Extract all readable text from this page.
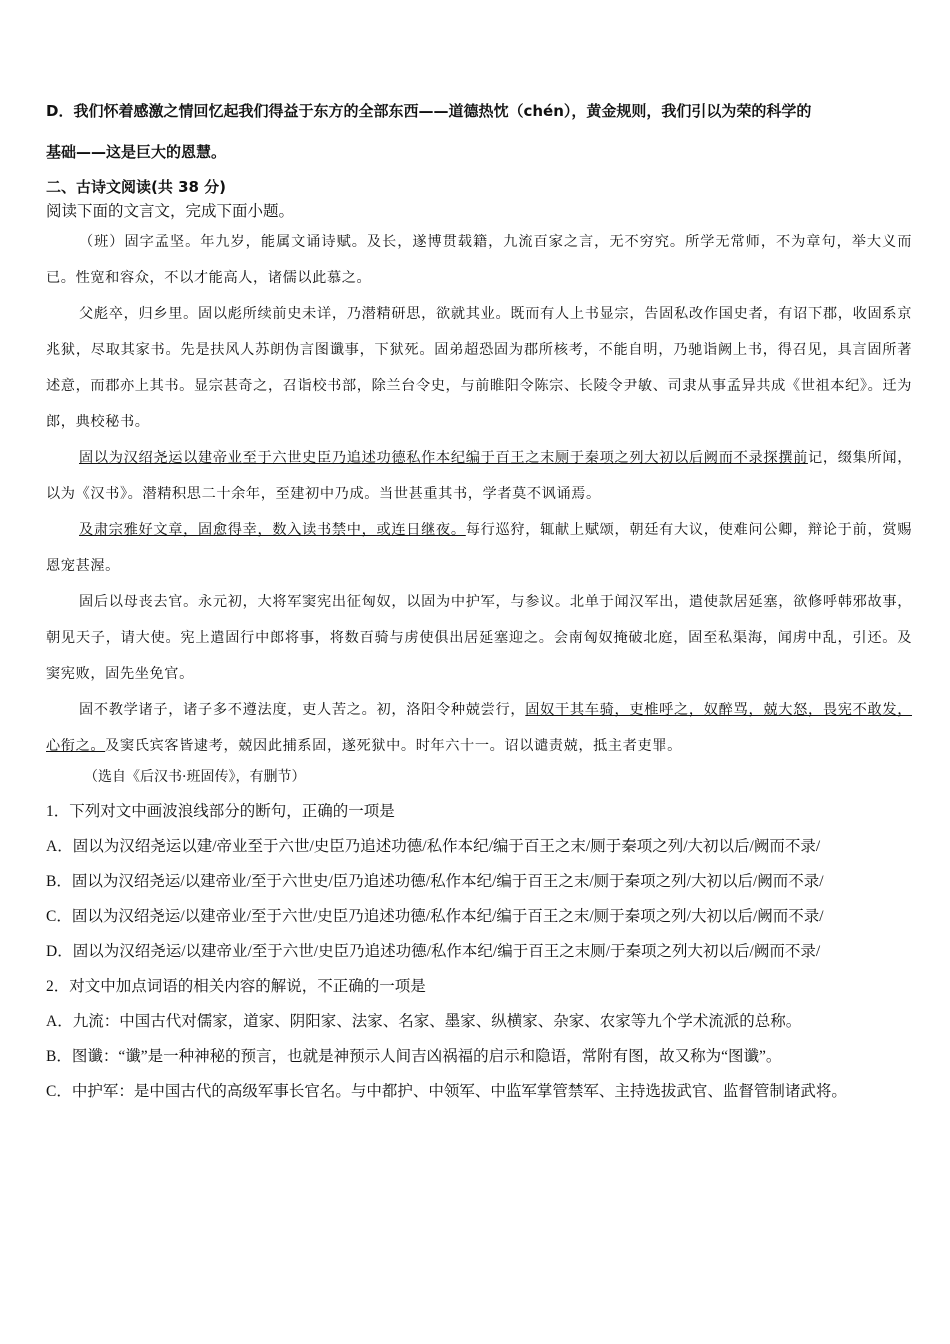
D．我们怀着感激之情回忆起我们得益于东方的全部东西——道德热忱（chén），黄金规则，我们引以为荣的科学的
基础——这是巨大的恩慧。
二、古诗文阅读(共 38 分)
阅读下面的文言文，完成下面小题。

（班）固字孟坚。年九岁，能属文诵诗赋。及长，遂博贯载籍，九流百家之言，无不穷究。所学无常师，不为章句，举大义而已。性宽和容众，不以才能高人，诸儒以此慕之。

父彪卒，归乡里。固以彪所续前史未详，乃潜精研思，欲就其业。既而有人上书显宗，告固私改作国史者，有诏下郡，收固系京兆狱，尽取其家书。先是扶风人苏朗伪言图谶事，下狱死。固弟超恐固为郡所核考，不能自明，乃驰诣阙上书，得召见，具言固所著述意，而郡亦上其书。显宗甚奇之，召诣校书部，除兰台令史，与前睢阳令陈宗、长陵令尹敏、司隶从事孟异共成《世祖本纪》。迁为郎，典校秘书。

固以为汉绍尧运以建帝业至于六世史臣乃追述功德私作本纪编于百王之末厕于秦项之列大初以后阙而不录探撰前记，缀集所闻，以为《汉书》。潜精积思二十余年，至建初中乃成。当世甚重其书，学者莫不讽诵焉。

及肃宗雅好文章，固愈得幸，数入读书禁中，或连日继夜。每行巡狩，辄献上赋颂，朝廷有大议，使难问公卿，辩论于前，赏赐恩宠甚渥。

固后以母丧去官。永元初，大将军窦宪出征匈奴，以固为中护军，与参议。北单于闻汉军出，遣使款居延塞，欲修呼韩邪故事，朝见天子，请大使。宪上遣固行中郎将事，将数百骑与虏使俱出居延塞迎之。会南匈奴掩破北庭，固至私渠海，闻虏中乱，引还。及窦宪败，固先坐免官。

固不教学诸子，诸子多不遵法度，吏人苦之。初，洛阳令种兢尝行，固奴干其车骑，吏椎呼之，奴醉骂，兢大怒，畏宪不敢发，心衔之。及窦氏宾客皆逮考，兢因此捕系固，遂死狱中。时年六十一。诏以谴责兢，抵主者吏罪。

（选自《后汉书·班固传》，有删节）
1．下列对文中画波浪线部分的断句，正确的一项是
A．固以为汉绍尧运以建/帝业至于六世/史臣乃追述功德/私作本纪/编于百王之末/厕于秦项之列/大初以后/阙而不录/
B．固以为汉绍尧运/以建帝业/至于六世史/臣乃追述功德/私作本纪/编于百王之末/厕于秦项之列/大初以后/阙而不录/
C．固以为汉绍尧运/以建帝业/至于六世/史臣乃追述功德/私作本纪/编于百王之末/厕于秦项之列/大初以后/阙而不录/
D．固以为汉绍尧运/以建帝业/至于六世/史臣乃追述功德/私作本纪/编于百王之末厕/于秦项之列大初以后/阙而不录/
2．对文中加点词语的相关内容的解说，不正确的一项是
A．九流：中国古代对儒家，道家、阴阳家、法家、名家、墨家、纵横家、杂家、农家等九个学术流派的总称。
B．图谶：“谶”是一种神秘的预言，也就是神预示人间吉凶祸福的启示和隐语，常附有图，故又称为“图谶”。
C．中护军：是中国古代的高级军事长官名。与中都护、中领军、中监军掌管禁军、主持选拔武官、监督管制诸武将。
